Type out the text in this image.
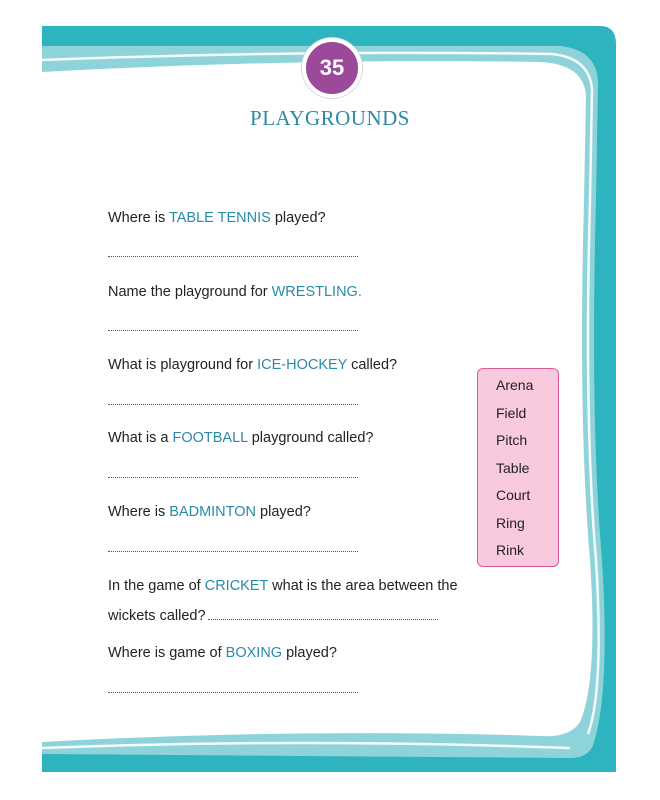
35
PLAYGROUNDS
Where is TABLE TENNIS played?
Name the playground for WRESTLING.
What is playground for ICE-HOCKEY called?
What is a FOOTBALL playground called?
Where is BADMINTON played?
In the game of CRICKET what is the area between the
wickets called?
Where is game of BOXING played?
Arena
Field
Pitch
Table
Court
Ring
Rink
